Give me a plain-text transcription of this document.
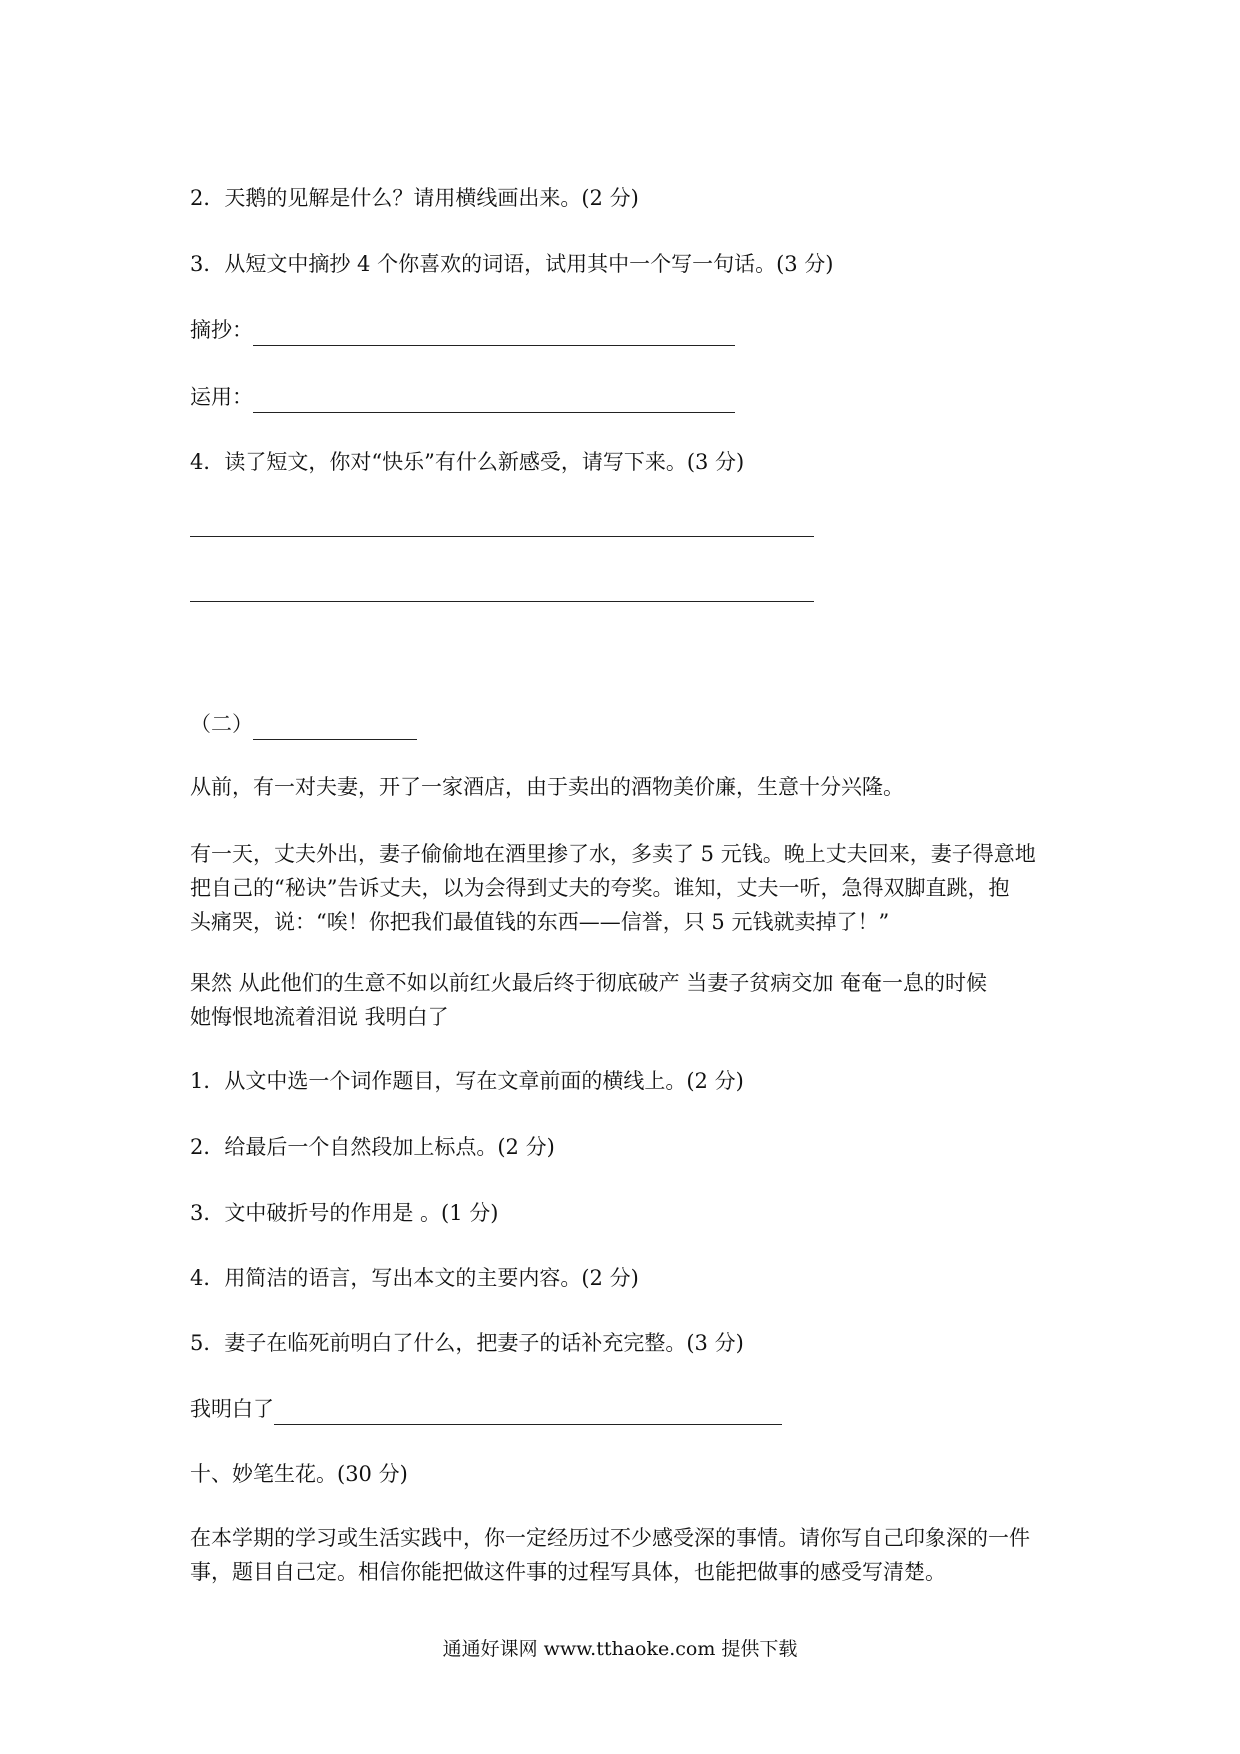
2．天鹅的见解是什么？请用横线画出来。(2 分)
3．从短文中摘抄 4 个你喜欢的词语，试用其中一个写一句话。(3 分)
摘抄：
运用：
4．读了短文，你对“快乐”有什么新感受，请写下来。(3 分)
（二）

从前，有一对夫妻，开了一家酒店，由于卖出的酒物美价廉，生意十分兴隆。

有一天，丈夫外出，妻子偷偷地在酒里掺了水，多卖了 5 元钱。晚上丈夫回来，妻子得意地

把自己的“秘诀”告诉丈夫，以为会得到丈夫的夸奖。谁知，丈夫一听，急得双脚直跳，抱

头痛哭，说：“唉！你把我们最值钱的东西——信誉，只 5 元钱就卖掉了！”

果然 从此他们的生意不如以前红火最后终于彻底破产 当妻子贫病交加 奄奄一息的时候

她悔恨地流着泪说 我明白了

1．从文中选一个词作题目，写在文章前面的横线上。(2 分)
2．给最后一个自然段加上标点。(2 分)
3．文中破折号的作用是 。(1 分)
4．用简洁的语言，写出本文的主要内容。(2 分)
5．妻子在临死前明白了什么，把妻子的话补充完整。(3 分)
我明白了
十、妙笔生花。(30 分)

在本学期的学习或生活实践中，你一定经历过不少感受深的事情。请你写自己印象深的一件

事，题目自己定。相信你能把做这件事的过程写具体，也能把做事的感受写清楚。

通通好课网 www.tthaoke.com 提供下载
